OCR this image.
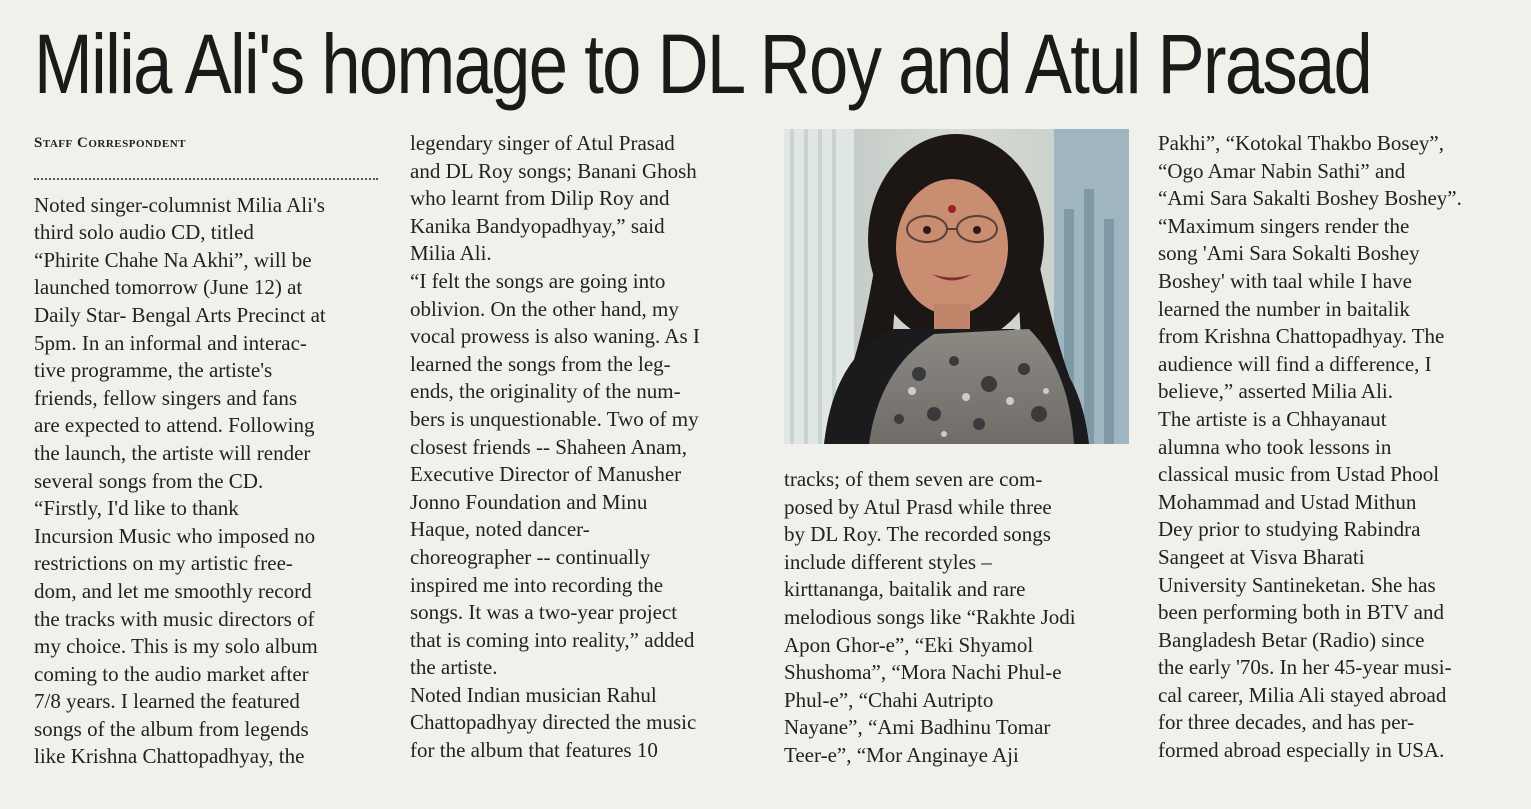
Milia Ali's homage to DL Roy and Atul Prasad
Staff Correspondent
Noted singer-columnist Milia Ali's
third solo audio CD, titled
“Phirite Chahe Na Akhi”, will be
launched tomorrow (June 12) at
Daily Star- Bengal Arts Precinct at
5pm. In an informal and interac-
tive programme, the artiste's
friends, fellow singers and fans
are expected to attend. Following
the launch, the artiste will render
several songs from the CD.
“Firstly, I'd like to thank
Incursion Music who imposed no
restrictions on my artistic free-
dom, and let me smoothly record
the tracks with music directors of
my choice. This is my solo album
coming to the audio market after
7/8 years. I learned the featured
songs of the album from legends
like Krishna Chattopadhyay, the
legendary singer of Atul Prasad
and DL Roy songs; Banani Ghosh
who learnt from Dilip Roy and
Kanika Bandyopadhyay,” said
Milia Ali.
“I felt the songs are going into
oblivion. On the other hand, my
vocal prowess is also waning. As I
learned the songs from the leg-
ends, the originality of the num-
bers is unquestionable. Two of my
closest friends -- Shaheen Anam,
Executive Director of Manusher
Jonno Foundation and Minu
Haque, noted dancer-
choreographer -- continually
inspired me into recording the
songs. It was a two-year project
that is coming into reality,” added
the artiste.
Noted Indian musician Rahul
Chattopadhyay directed the music
for the album that features 10
tracks; of them seven are com-
posed by Atul Prasd while three
by DL Roy. The recorded songs
include different styles –
kirttananga, baitalik and rare
melodious songs like “Rakhte Jodi
Apon Ghor-e”, “Eki Shyamol
Shushoma”, “Mora Nachi Phul-e
Phul-e”, “Chahi Autripto
Nayane”, “Ami Badhinu Tomar
Teer-e”, “Mor Anginaye Aji
Pakhi”, “Kotokal Thakbo Bosey”,
“Ogo Amar Nabin Sathi” and
“Ami Sara Sakalti Boshey Boshey”.
“Maximum singers render the
song 'Ami Sara Sokalti Boshey
Boshey' with taal while I have
learned the number in baitalik
from Krishna Chattopadhyay. The
audience will find a difference, I
believe,” asserted Milia Ali.
The artiste is a Chhayanaut
alumna who took lessons in
classical music from Ustad Phool
Mohammad and Ustad Mithun
Dey prior to studying Rabindra
Sangeet at Visva Bharati
University Santineketan. She has
been performing both in BTV and
Bangladesh Betar (Radio) since
the early '70s. In her 45-year musi-
cal career, Milia Ali stayed abroad
for three decades, and has per-
formed abroad especially in USA.
